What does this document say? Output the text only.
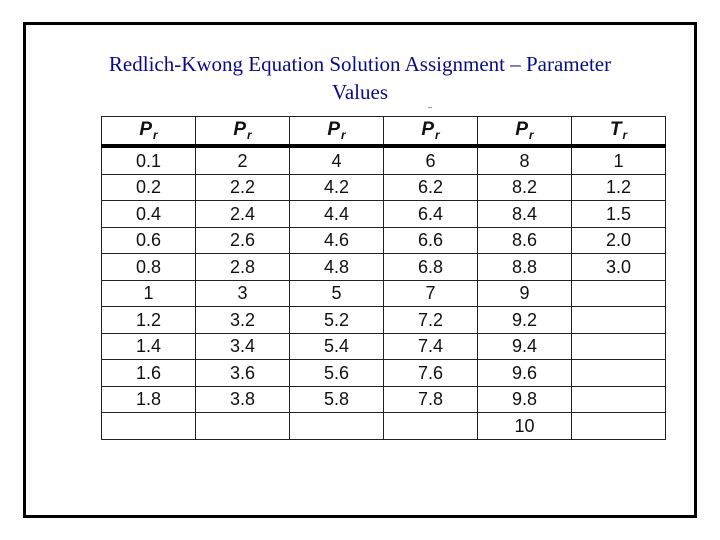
Redlich-Kwong Equation Solution Assignment – Parameter
Values
$P_r$	$P_r$	$P_r$	$P_r$	$P_r$	$T_r$
0.1	2	4	6	8	1
0.2	2.2	4.2	6.2	8.2	1.2
0.4	2.4	4.4	6.4	8.4	1.5
0.6	2.6	4.6	6.6	8.6	2.0
0.8	2.8	4.8	6.8	8.8	3.0
1	3	5	7	9	
1.2	3.2	5.2	7.2	9.2	
1.4	3.4	5.4	7.4	9.4	
1.6	3.6	5.6	7.6	9.6	
1.8	3.8	5.8	7.8	9.8	
				10	
